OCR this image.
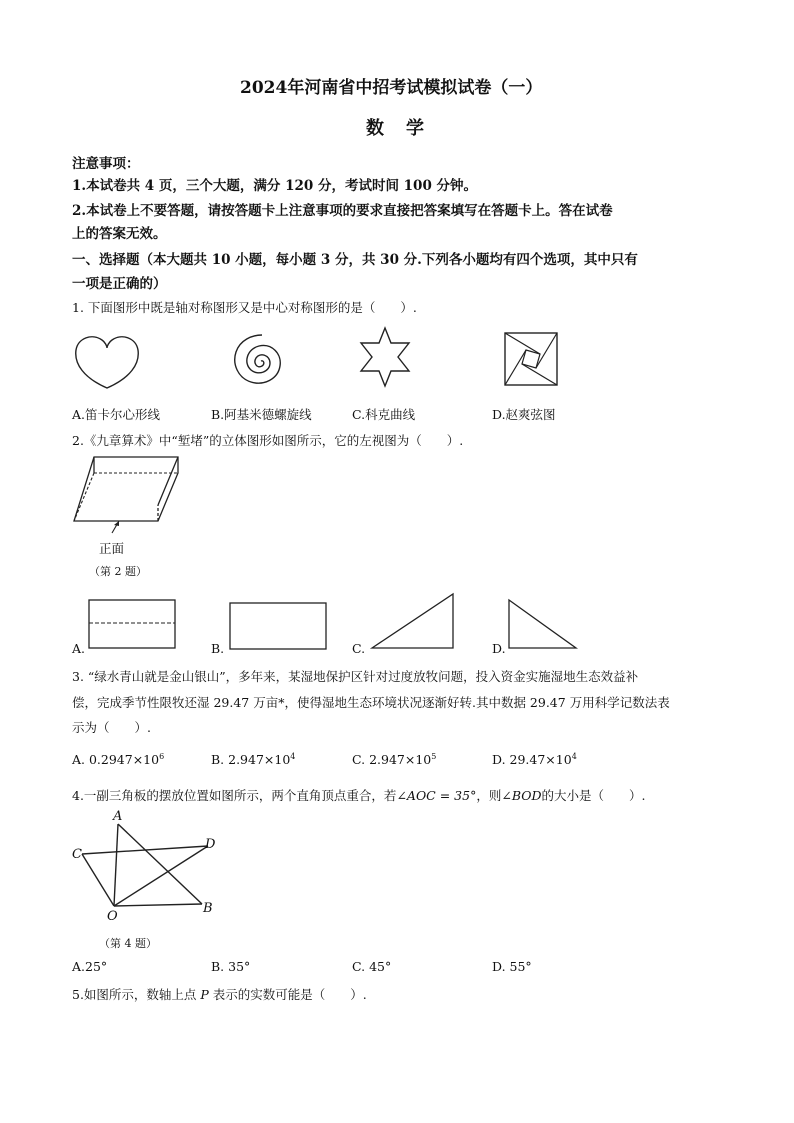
2024年河南省中招考试模拟试卷（一）
数　学
注意事项：
1.本试卷共 4 页，三个大题，满分 120 分，考试时间 100 分钟。
2.本试卷上不要答题，请按答题卡上注意事项的要求直接把答案填写在答题卡上。答在试卷
上的答案无效。
一、选择题（本大题共 10 小题，每小题 3 分，共 30 分.下列各小题均有四个选项，其中只有
一项是正确的）
1. 下面图形中既是轴对称图形又是中心对称图形的是（　　）.
A.笛卡尔心形线	B.阿基米德螺旋线	C.科克曲线	D.赵爽弦图
2.《九章算术》中“堑堵”的立体图形如图所示，它的左视图为（　　）.
正面
（第 2 题）
A.	B.	C.	D.
3. “绿水青山就是金山银山”，多年来，某湿地保护区针对过度放牧问题，投入资金实施湿地生态效益补
偿，完成季节性限牧还湿 29.47 万亩*，使得湿地生态环境状况逐渐好转.其中数据 29.47 万用科学记数法表
示为（　　）.
A. $0.2947\times 10^6$	B. $2.947\times 10^4$	C. $2.947\times 10^5$	D. $29.47\times 10^4$
4.一副三角板的摆放位置如图所示，两个直角顶点重合，若∠AOC = 35°，则∠BOD的大小是（　　）.
A
C
D
O
B
（第 4 题）
A.25°	B. 35°	C. 45°	D. 55°
5.如图所示，数轴上点 P 表示的实数可能是（　　）.
